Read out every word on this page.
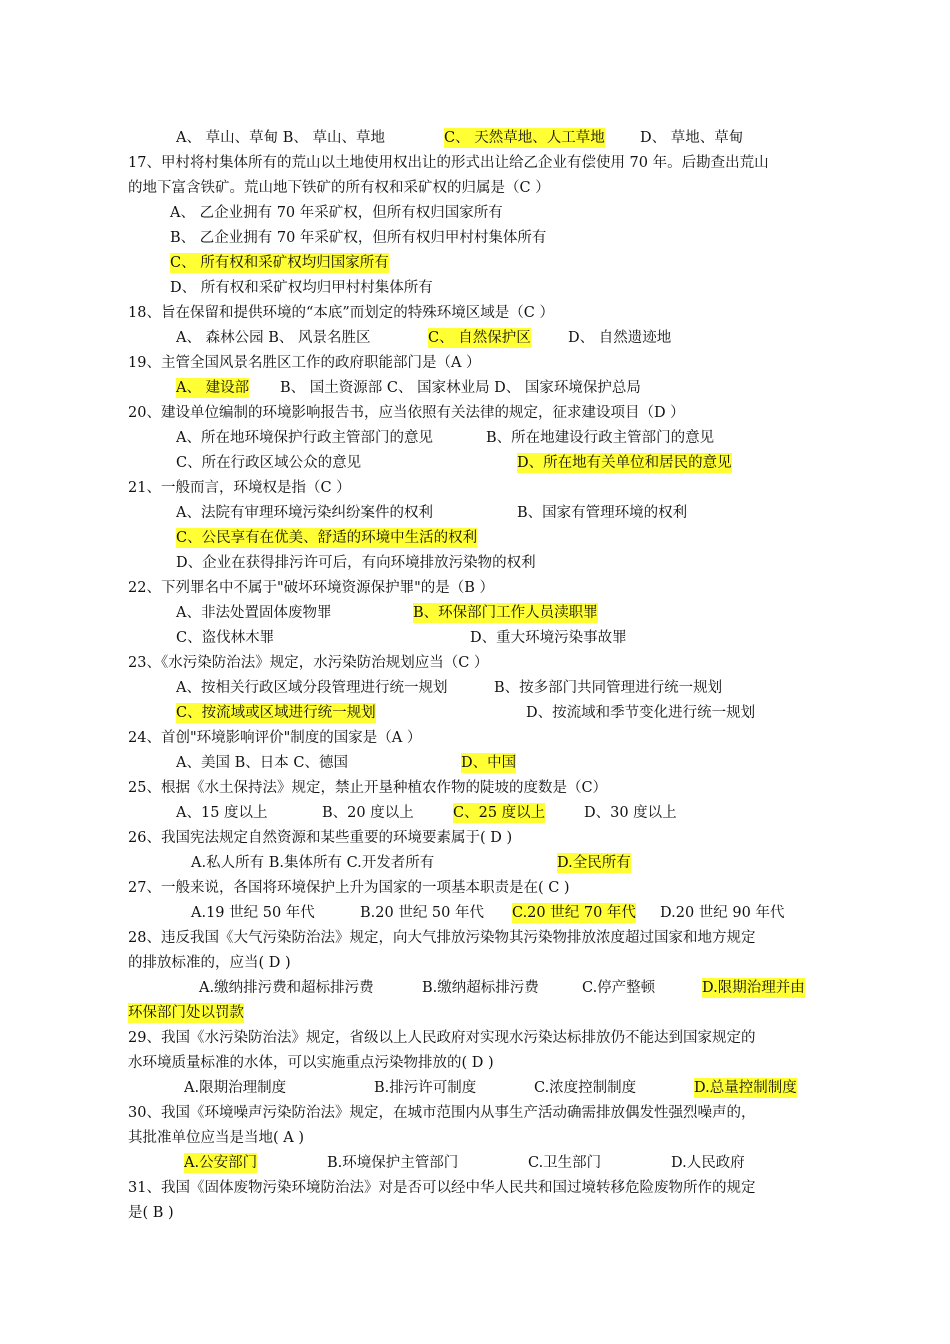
A、 草山、草甸 B、 草山、草地	C、 天然草地、人工草地 D、 草地、草甸
17、甲村将村集体所有的荒山以土地使用权出让的形式出让给乙企业有偿使用 70 年。后勘查出荒山
的地下富含铁矿。荒山地下铁矿的所有权和采矿权的归属是（C ）
A、 乙企业拥有 70 年采矿权，但所有权归国家所有
B、 乙企业拥有 70 年采矿权，但所有权归甲村村集体所有
C、 所有权和采矿权均归国家所有
D、 所有权和采矿权均归甲村村集体所有
18、旨在保留和提供环境的“本底”而划定的特殊环境区域是（C ）
A、 森林公园 B、 风景名胜区	C、 自然保护区	D、 自然遗迹地
19、主管全国风景名胜区工作的政府职能部门是（A ）
A、 建设部 B、 国土资源部 C、 国家林业局 D、 国家环境保护总局
20、建设单位编制的环境影响报告书，应当依照有关法律的规定，征求建设项目（D ）
A、所在地环境保护行政主管部门的意见	B、所在地建设行政主管部门的意见
C、所在行政区域公众的意见	D、所在地有关单位和居民的意见
21、一般而言，环境权是指（C ）
A、法院有审理环境污染纠纷案件的权利	B、国家有管理环境的权利
C、公民享有在优美、舒适的环境中生活的权利
D、企业在获得排污许可后，有向环境排放污染物的权利
22、下列罪名中不属于"破坏环境资源保护罪"的是（B ）
A、非法处置固体废物罪	B、环保部门工作人员渎职罪
C、盗伐林木罪	D、重大环境污染事故罪
23、《水污染防治法》规定，水污染防治规划应当（C ）
A、按相关行政区域分段管理进行统一规划	B、按多部门共同管理进行统一规划
C、按流域或区域进行统一规划	D、按流域和季节变化进行统一规划
24、首创"环境影响评价"制度的国家是（A ）
A、美国 B、日本 C、德国	D、中国
25、根据《水土保持法》规定，禁止开垦种植农作物的陡坡的度数是（C）
A、15 度以上	B、20 度以上	C、25 度以上	D、30 度以上
26、我国宪法规定自然资源和某些重要的环境要素属于( D )
A.私人所有 B.集体所有 C.开发者所有	D.全民所有
27、一般来说，各国将环境保护上升为国家的一项基本职责是在( C )
A.19 世纪 50 年代	B.20 世纪 50 年代 C.20 世纪 70 年代 D.20 世纪 90 年代
28、违反我国《大气污染防治法》规定，向大气排放污染物其污染物排放浓度超过国家和地方规定
的排放标准的，应当( D )
A.缴纳排污费和超标排污费	B.缴纳超标排污费	C.停产整顿	D.限期治理并由
环保部门处以罚款
29、我国《水污染防治法》规定，省级以上人民政府对实现水污染达标排放仍不能达到国家规定的
水环境质量标准的水体，可以实施重点污染物排放的( D )
A.限期治理制度	B.排污许可制度	C.浓度控制制度	D.总量控制制度
30、我国《环境噪声污染防治法》规定，在城市范围内从事生产活动确需排放偶发性强烈噪声的，
其批准单位应当是当地( A )
A.公安部门	B.环境保护主管部门	C.卫生部门	D.人民政府
31、我国《固体废物污染环境防治法》对是否可以经中华人民共和国过境转移危险废物所作的规定
是( B )
